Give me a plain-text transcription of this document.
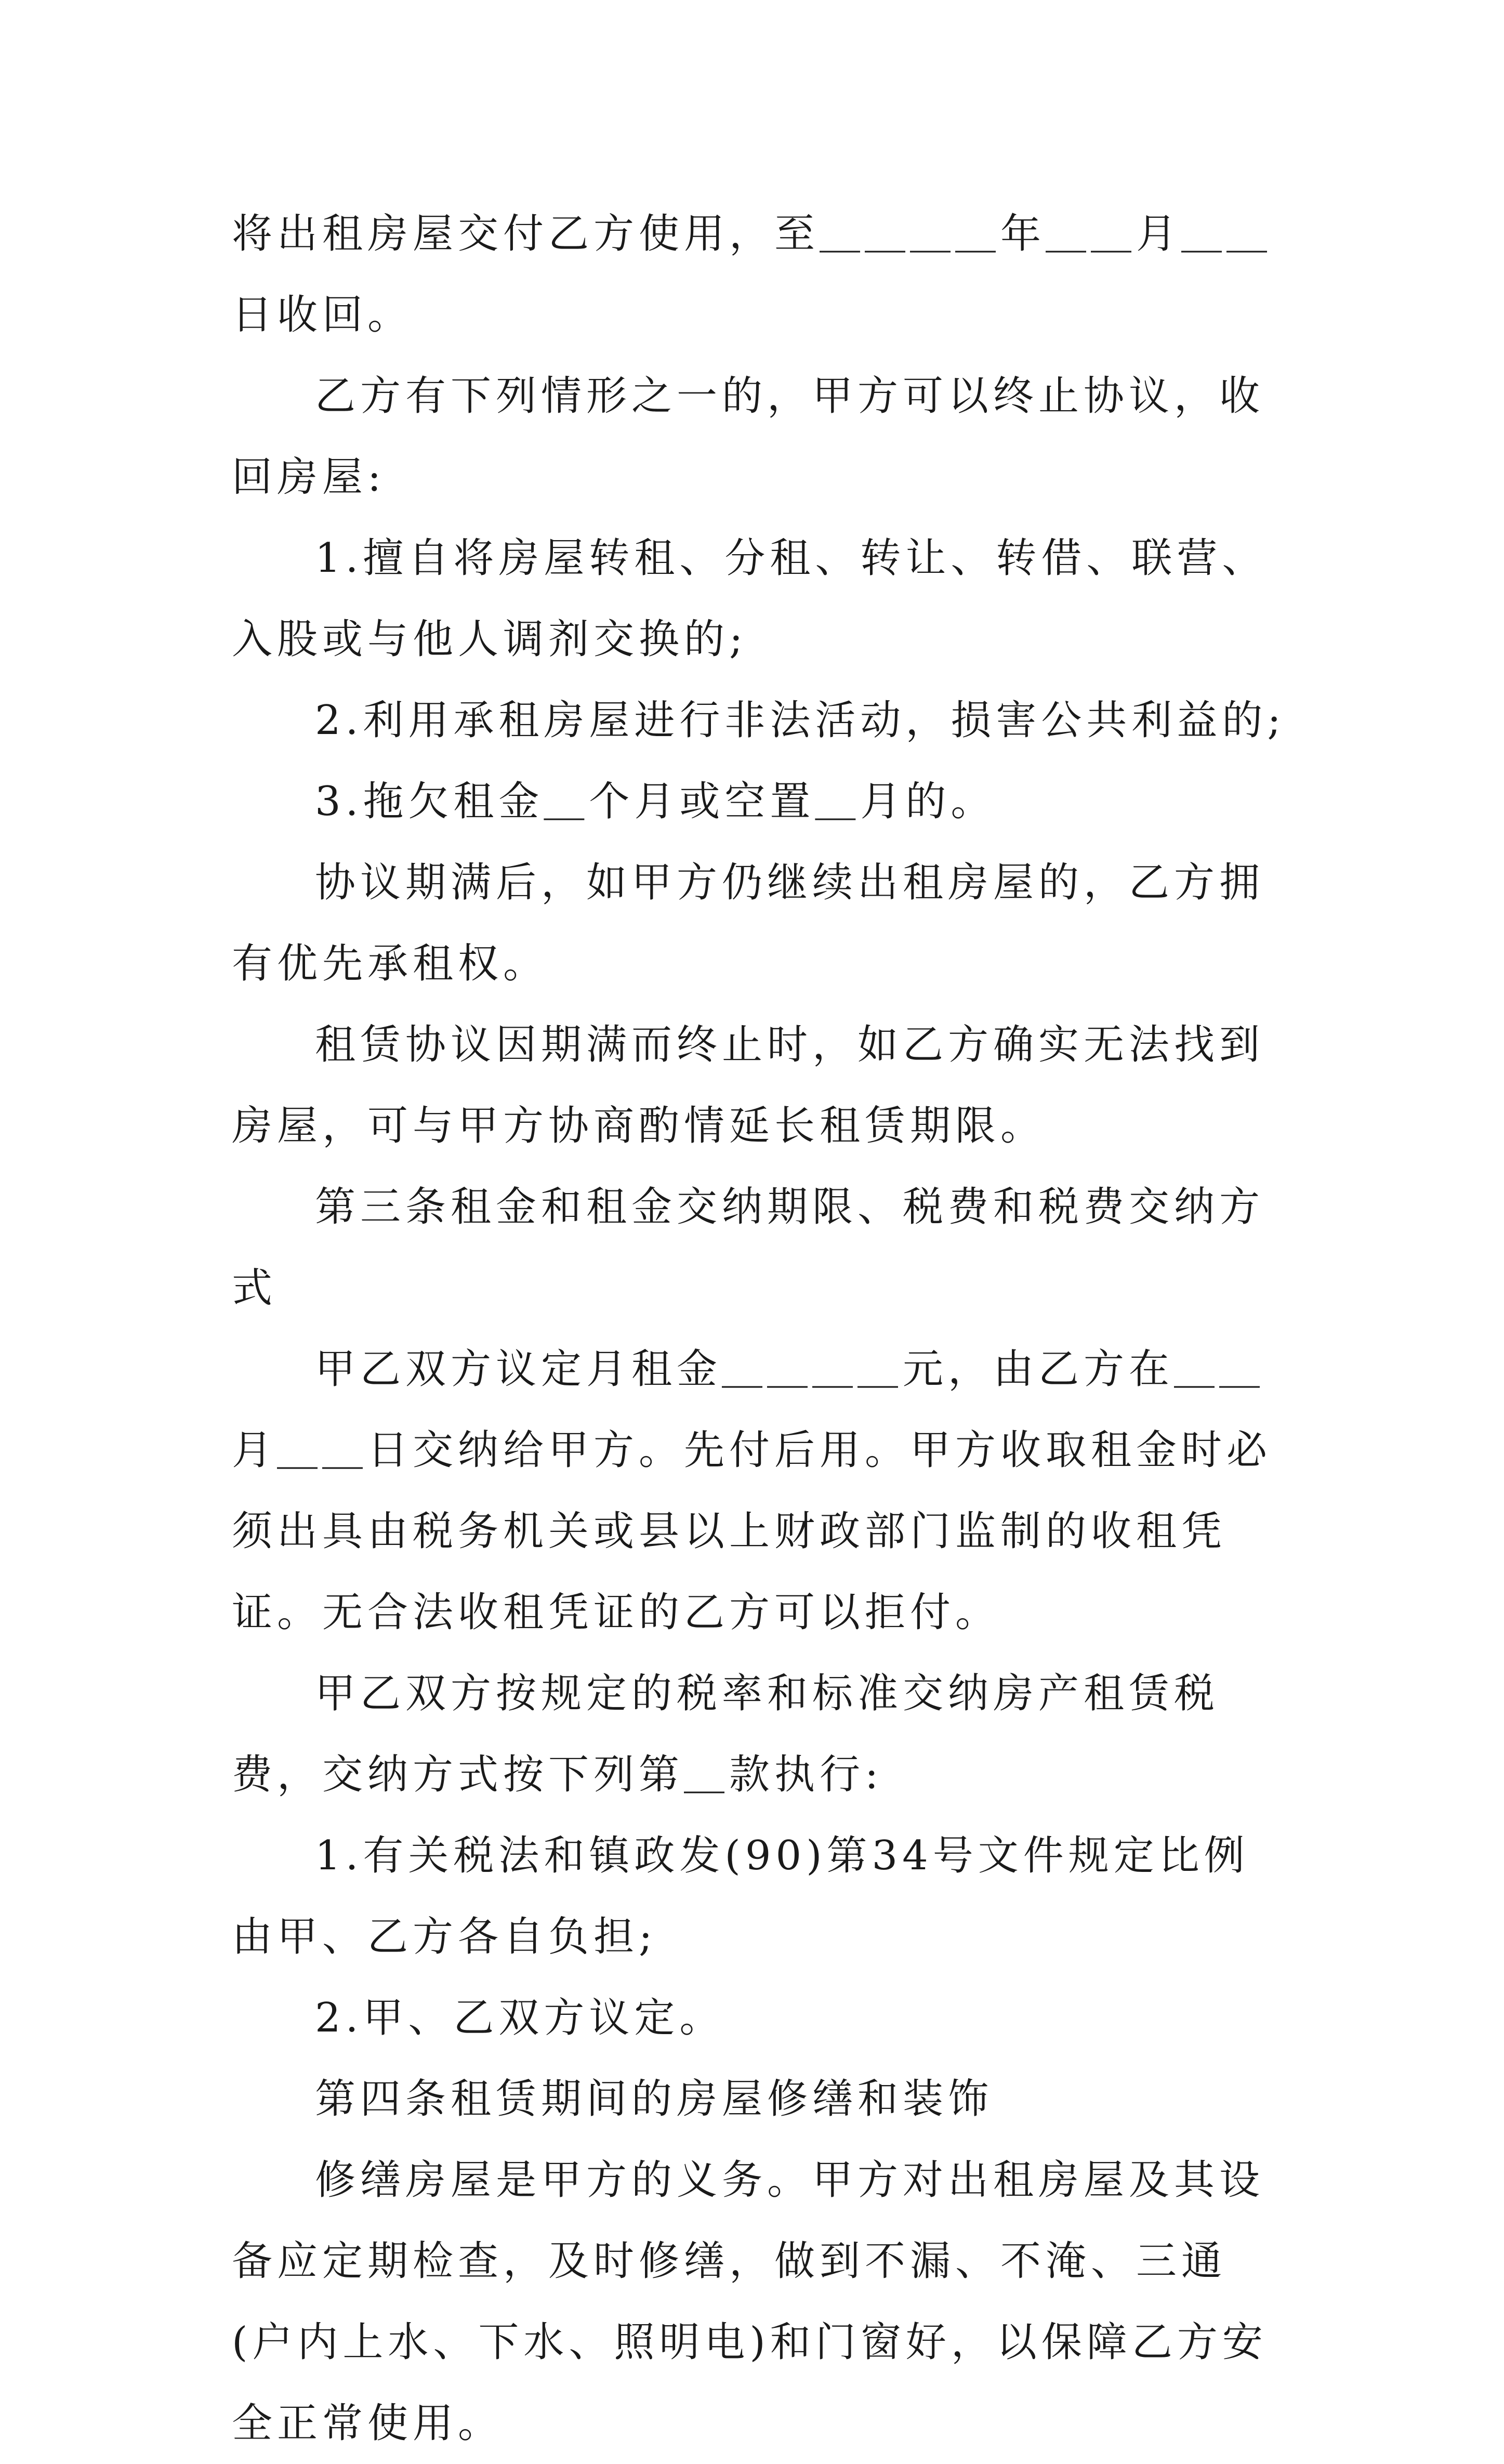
将出租房屋交付乙方使用，至＿＿＿＿年＿＿月＿＿日收回。

乙方有下列情形之一的，甲方可以终止协议，收回房屋:

1.擅自将房屋转租、分租、转让、转借、联营、入股或与他人调剂交换的;

2.利用承租房屋进行非法活动，损害公共利益的;

3.拖欠租金＿个月或空置＿月的。

协议期满后，如甲方仍继续出租房屋的，乙方拥有优先承租权。

租赁协议因期满而终止时，如乙方确实无法找到房屋，可与甲方协商酌情延长租赁期限。

第三条租金和租金交纳期限、税费和税费交纳方式

甲乙双方议定月租金＿＿＿＿元，由乙方在＿＿月＿＿日交纳给甲方。先付后用。甲方收取租金时必须出具由税务机关或县以上财政部门监制的收租凭证。无合法收租凭证的乙方可以拒付。

甲乙双方按规定的税率和标准交纳房产租赁税费，交纳方式按下列第＿款执行:

1.有关税法和镇政发(90)第34号文件规定比例由甲、乙方各自负担;

2.甲、乙双方议定。

第四条租赁期间的房屋修缮和装饰

修缮房屋是甲方的义务。甲方对出租房屋及其设备应定期检查，及时修缮，做到不漏、不淹、三通(户内上水、下水、照明电)和门窗好，以保障乙方安全正常使用。
